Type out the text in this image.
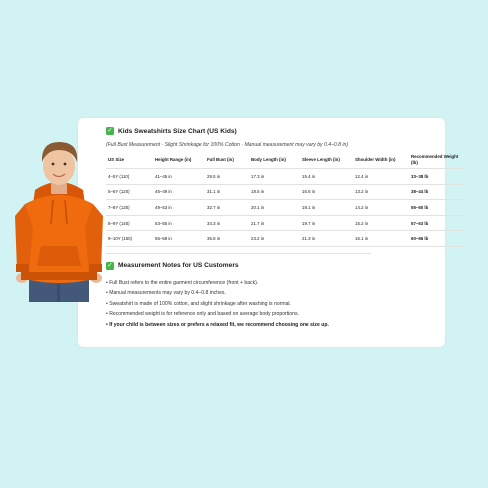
✓ Kids Sweatshirts Size Chart (US Kids)
(Full Bust Measurement · Slight Shrinkage for 100% Cotton · Manual measurement may vary by 0.4–0.8 in)
US Size	Height Range (in)	Full Bust (in)	Body Length (in)	Sleeve Length (in)	Shoulder Width (in)	Recommended Weight (lb)
4–5Y (110)	41–45 in	29.5 in	17.3 in	15.4 in	12.4 in	33–38 lb
5–6Y (120)	45–49 in	31.1 in	18.5 in	16.5 in	13.2 in	38–44 lb
7–8Y (130)	49–53 in	32.7 in	20.1 in	18.1 in	14.2 in	55–60 lb
8–9Y (140)	53–55 in	34.3 in	21.7 in	19.7 in	15.2 in	57–63 lb
9–10Y (150)	55–59 in	35.8 in	23.2 in	21.3 in	16.1 in	60–66 lb
✓ Measurement Notes for US Customers
• Full Bust refers to the entire garment circumference (front + back).
• Manual measurements may vary by 0.4–0.8 inches.
• Sweatshirt is made of 100% cotton, and slight shrinkage after washing is normal.
• Recommended weight is for reference only and based on average body proportions.
• If your child is between sizes or prefers a relaxed fit, we recommend choosing one size up.
